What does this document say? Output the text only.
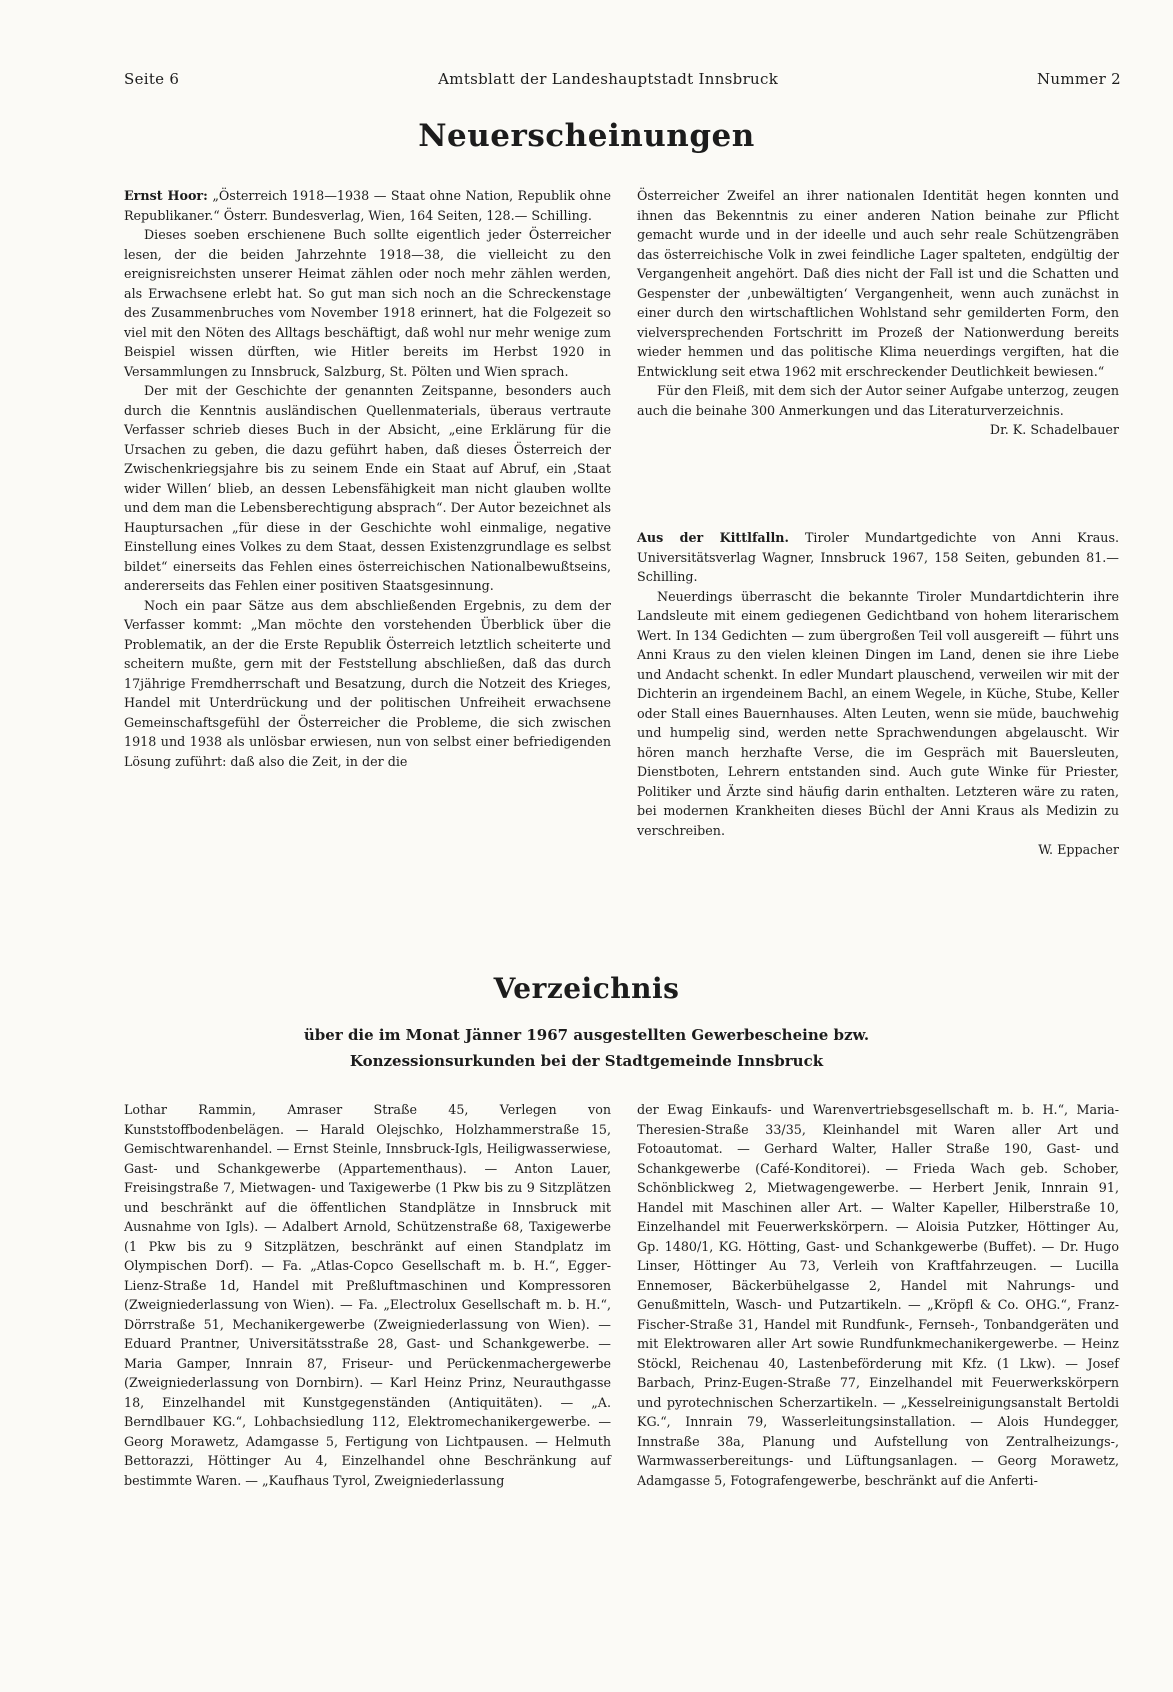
Seite 6	Amtsblatt der Landeshauptstadt Innsbruck	Nummer 2
Neuerscheinungen

Ernst Hoor: „Österreich 1918—1938 — Staat ohne Nation, Republik ohne Republikaner.“ Österr. Bundesverlag, Wien, 164 Seiten, 128.— Schilling.

Dieses soeben erschienene Buch sollte eigentlich jeder Österreicher lesen, der die beiden Jahrzehnte 1918—38, die vielleicht zu den ereignisreichsten unserer Heimat zählen oder noch mehr zählen werden, als Erwachsene erlebt hat. So gut man sich noch an die Schreckenstage des Zusammenbruches vom November 1918 erinnert, hat die Folgezeit so viel mit den Nöten des Alltags beschäftigt, daß wohl nur mehr wenige zum Beispiel wissen dürften, wie Hitler bereits im Herbst 1920 in Versammlungen zu Innsbruck, Salzburg, St. Pölten und Wien sprach.

Der mit der Geschichte der genannten Zeitspanne, besonders auch durch die Kenntnis ausländischen Quellenmaterials, überaus vertraute Verfasser schrieb dieses Buch in der Absicht, „eine Erklärung für die Ursachen zu geben, die dazu geführt haben, daß dieses Österreich der Zwischenkriegsjahre bis zu seinem Ende ein Staat auf Abruf, ein ‚Staat wider Willen‘ blieb, an dessen Lebensfähigkeit man nicht glauben wollte und dem man die Lebensberechtigung absprach“. Der Autor bezeichnet als Hauptursachen „für diese in der Geschichte wohl einmalige, negative Einstellung eines Volkes zu dem Staat, dessen Existenzgrundlage es selbst bildet“ einerseits das Fehlen eines österreichischen Nationalbewußtseins, andererseits das Fehlen einer positiven Staatsgesinnung.

Noch ein paar Sätze aus dem abschließenden Ergebnis, zu dem der Verfasser kommt: „Man möchte den vorstehenden Überblick über die Problematik, an der die Erste Republik Österreich letztlich scheiterte und scheitern mußte, gern mit der Feststellung abschließen, daß das durch 17jährige Fremdherrschaft und Besatzung, durch die Notzeit des Krieges, Handel mit Unterdrückung und der politischen Unfreiheit erwachsene Gemeinschaftsgefühl der Österreicher die Probleme, die sich zwischen 1918 und 1938 als unlösbar erwiesen, nun von selbst einer befriedigenden Lösung zuführt: daß also die Zeit, in der die

Österreicher Zweifel an ihrer nationalen Identität hegen konnten und ihnen das Bekenntnis zu einer anderen Nation beinahe zur Pflicht gemacht wurde und in der ideelle und auch sehr reale Schützengräben das österreichische Volk in zwei feindliche Lager spalteten, endgültig der Vergangenheit angehört. Daß dies nicht der Fall ist und die Schatten und Gespenster der ‚unbewältigten‘ Vergangenheit, wenn auch zunächst in einer durch den wirtschaftlichen Wohlstand sehr gemilderten Form, den vielversprechenden Fortschritt im Prozeß der Nationwerdung bereits wieder hemmen und das politische Klima neuerdings vergiften, hat die Entwicklung seit etwa 1962 mit erschreckender Deutlichkeit bewiesen.“

Für den Fleiß, mit dem sich der Autor seiner Aufgabe unterzog, zeugen auch die beinahe 300 Anmerkungen und das Literaturverzeichnis.

Dr. K. Schadelbauer

Aus der Kittlfalln. Tiroler Mundartgedichte von Anni Kraus. Universitätsverlag Wagner, Innsbruck 1967, 158 Seiten, gebunden 81.— Schilling.

Neuerdings überrascht die bekannte Tiroler Mundartdichterin ihre Landsleute mit einem gediegenen Gedichtband von hohem literarischem Wert. In 134 Gedichten — zum übergroßen Teil voll ausgereift — führt uns Anni Kraus zu den vielen kleinen Dingen im Land, denen sie ihre Liebe und Andacht schenkt. In edler Mundart plauschend, verweilen wir mit der Dichterin an irgendeinem Bachl, an einem Wegele, in Küche, Stube, Keller oder Stall eines Bauernhauses. Alten Leuten, wenn sie müde, bauchwehig und humpelig sind, werden nette Sprachwendungen abgelauscht. Wir hören manch herzhafte Verse, die im Gespräch mit Bauersleuten, Dienstboten, Lehrern entstanden sind. Auch gute Winke für Priester, Politiker und Ärzte sind häufig darin enthalten. Letzteren wäre zu raten, bei modernen Krankheiten dieses Büchl der Anni Kraus als Medizin zu verschreiben.

W. Eppacher

Verzeichnis
über die im Monat Jänner 1967 ausgestellten Gewerbescheine bzw.
Konzessionsurkunden bei der Stadtgemeinde Innsbruck

Lothar Rammin, Amraser Straße 45, Verlegen von Kunststoffbodenbelägen. — Harald Olejschko, Holzhammerstraße 15, Gemischtwarenhandel. — Ernst Steinle, Innsbruck-Igls, Heiligwasserwiese, Gast- und Schankgewerbe (Appartementhaus). — Anton Lauer, Freisingstraße 7, Mietwagen- und Taxigewerbe (1 Pkw bis zu 9 Sitzplätzen und beschränkt auf die öffentlichen Standplätze in Innsbruck mit Ausnahme von Igls). — Adalbert Arnold, Schützenstraße 68, Taxigewerbe (1 Pkw bis zu 9 Sitzplätzen, beschränkt auf einen Standplatz im Olympischen Dorf). — Fa. „Atlas-Copco Gesellschaft m. b. H.“, Egger-Lienz-Straße 1d, Handel mit Preßluftmaschinen und Kompressoren (Zweigniederlassung von Wien). — Fa. „Electrolux Gesellschaft m. b. H.“, Dörrstraße 51, Mechanikergewerbe (Zweigniederlassung von Wien). — Eduard Prantner, Universitätsstraße 28, Gast- und Schankgewerbe. — Maria Gamper, Innrain 87, Friseur- und Perückenmachergewerbe (Zweigniederlassung von Dornbirn). — Karl Heinz Prinz, Neurauthgasse 18, Einzelhandel mit Kunstgegenständen (Antiquitäten). — „A. Berndlbauer KG.“, Lohbachsiedlung 112, Elektromechanikergewerbe. — Georg Morawetz, Adamgasse 5, Fertigung von Lichtpausen. — Helmuth Bettorazzi, Höttinger Au 4, Einzelhandel ohne Beschränkung auf bestimmte Waren. — „Kaufhaus Tyrol, Zweigniederlassung

der Ewag Einkaufs- und Warenvertriebsgesellschaft m. b. H.“, Maria-Theresien-Straße 33/35, Kleinhandel mit Waren aller Art und Fotoautomat. — Gerhard Walter, Haller Straße 190, Gast- und Schankgewerbe (Café-Konditorei). — Frieda Wach geb. Schober, Schönblickweg 2, Mietwagengewerbe. — Herbert Jenik, Innrain 91, Handel mit Maschinen aller Art. — Walter Kapeller, Hilberstraße 10, Einzelhandel mit Feuerwerkskörpern. — Aloisia Putzker, Höttinger Au, Gp. 1480/1, KG. Hötting, Gast- und Schankgewerbe (Buffet). — Dr. Hugo Linser, Höttinger Au 73, Verleih von Kraftfahrzeugen. — Lucilla Ennemoser, Bäckerbühelgasse 2, Handel mit Nahrungs- und Genußmitteln, Wasch- und Putzartikeln. — „Kröpfl & Co. OHG.“, Franz-Fischer-Straße 31, Handel mit Rundfunk-, Fernseh-, Tonbandgeräten und mit Elektrowaren aller Art sowie Rundfunkmechanikergewerbe. — Heinz Stöckl, Reichenau 40, Lastenbeförderung mit Kfz. (1 Lkw). — Josef Barbach, Prinz-Eugen-Straße 77, Einzelhandel mit Feuerwerkskörpern und pyrotechnischen Scherzartikeln. — „Kesselreinigungsanstalt Bertoldi KG.“, Innrain 79, Wasserleitungsinstallation. — Alois Hundegger, Innstraße 38a, Planung und Aufstellung von Zentralheizungs-, Warmwasserbereitungs- und Lüftungsanlagen. — Georg Morawetz, Adamgasse 5, Fotografengewerbe, beschränkt auf die Anferti-
